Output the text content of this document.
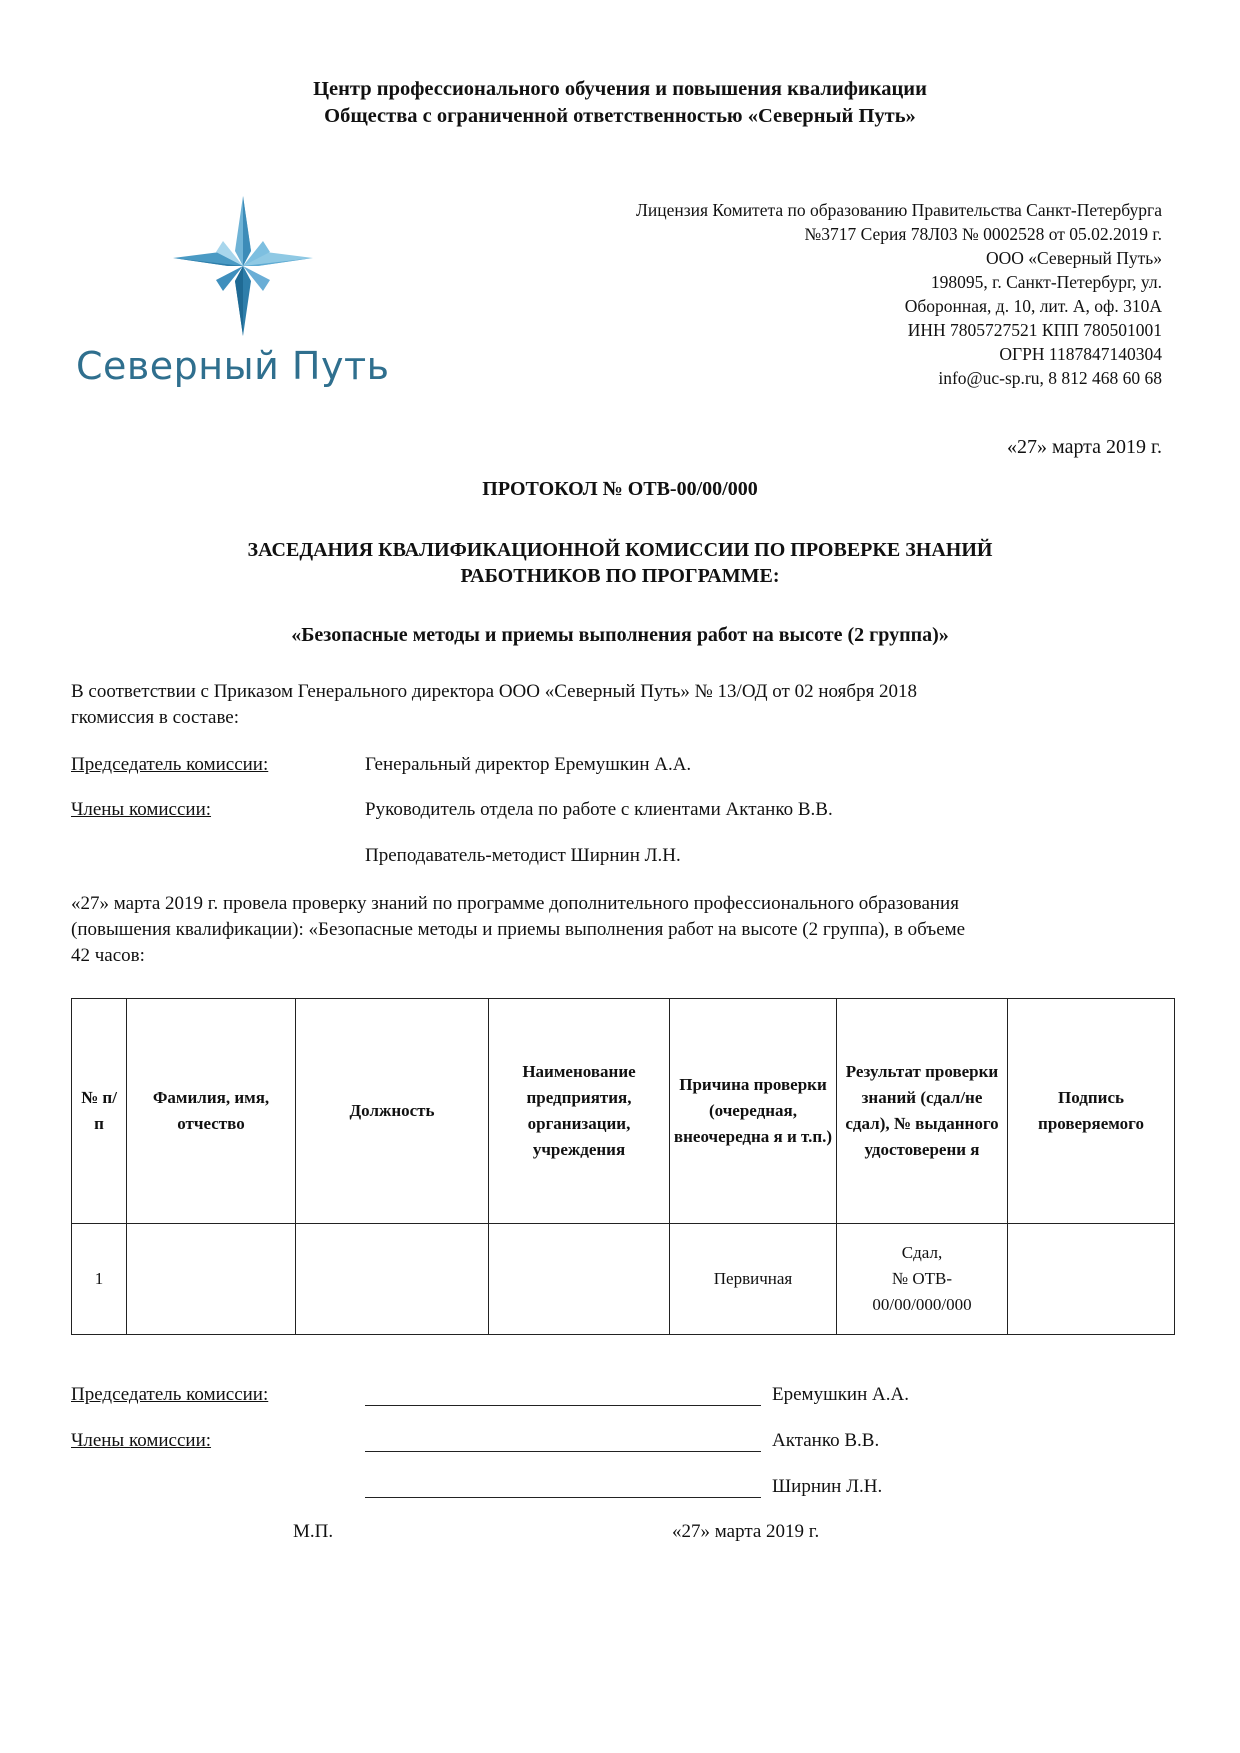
Центр профессионального обучения и повышения квалификации
Общества с ограниченной ответственностью «Северный Путь»
Северный Путь
Лицензия Комитета по образованию Правительства Санкт-Петербурга
№3717 Серия 78Л03 № 0002528 от 05.02.2019 г.
ООО «Северный Путь»
198095, г. Санкт-Петербург, ул.
Оборонная, д. 10, лит. А, оф. 310А
ИНН 7805727521 КПП 780501001
ОГРН 1187847140304
info@uc-sp.ru, 8 812 468 60 68
«27» марта 2019 г.
ПРОТОКОЛ № ОТВ-00/00/000
ЗАСЕДАНИЯ КВАЛИФИКАЦИОННОЙ КОМИССИИ ПО ПРОВЕРКЕ ЗНАНИЙ
РАБОТНИКОВ ПО ПРОГРАММЕ:
«Безопасные методы и приемы выполнения работ на высоте (2 группа)»
В соответствии с Приказом Генерального директора ООО «Северный Путь» № 13/ОД от 02 ноября 2018
гкомиссия в составе:
Председатель комиссии:	Генеральный директор Еремушкин А.А.
Члены комиссии:	Руководитель отдела по работе с клиентами Актанко В.В.
Преподаватель-методист Ширнин Л.Н.
«27» марта 2019 г. провела проверку знаний по программе дополнительного профессионального образования
(повышения квалификации): «Безопасные методы и приемы выполнения работ на высоте (2 группа), в объеме
42 часов:
№ п/ п	Фамилия, имя, отчество	Должность	Наименование предприятия, организации, учреждения	Причина проверки (очередная, внеочередна я и т.п.)	Результат проверки знаний (сдал/не сдал), № выданного удостоверени я	Подпись проверяемого
1				Первичная	Сдал,
№ ОТВ-
00/00/000/000	

Председатель комиссии:	Еремушкин А.А.
Члены комиссии:	Актанко В.В.
Ширнин Л.Н.
М.П.	«27» марта 2019 г.
